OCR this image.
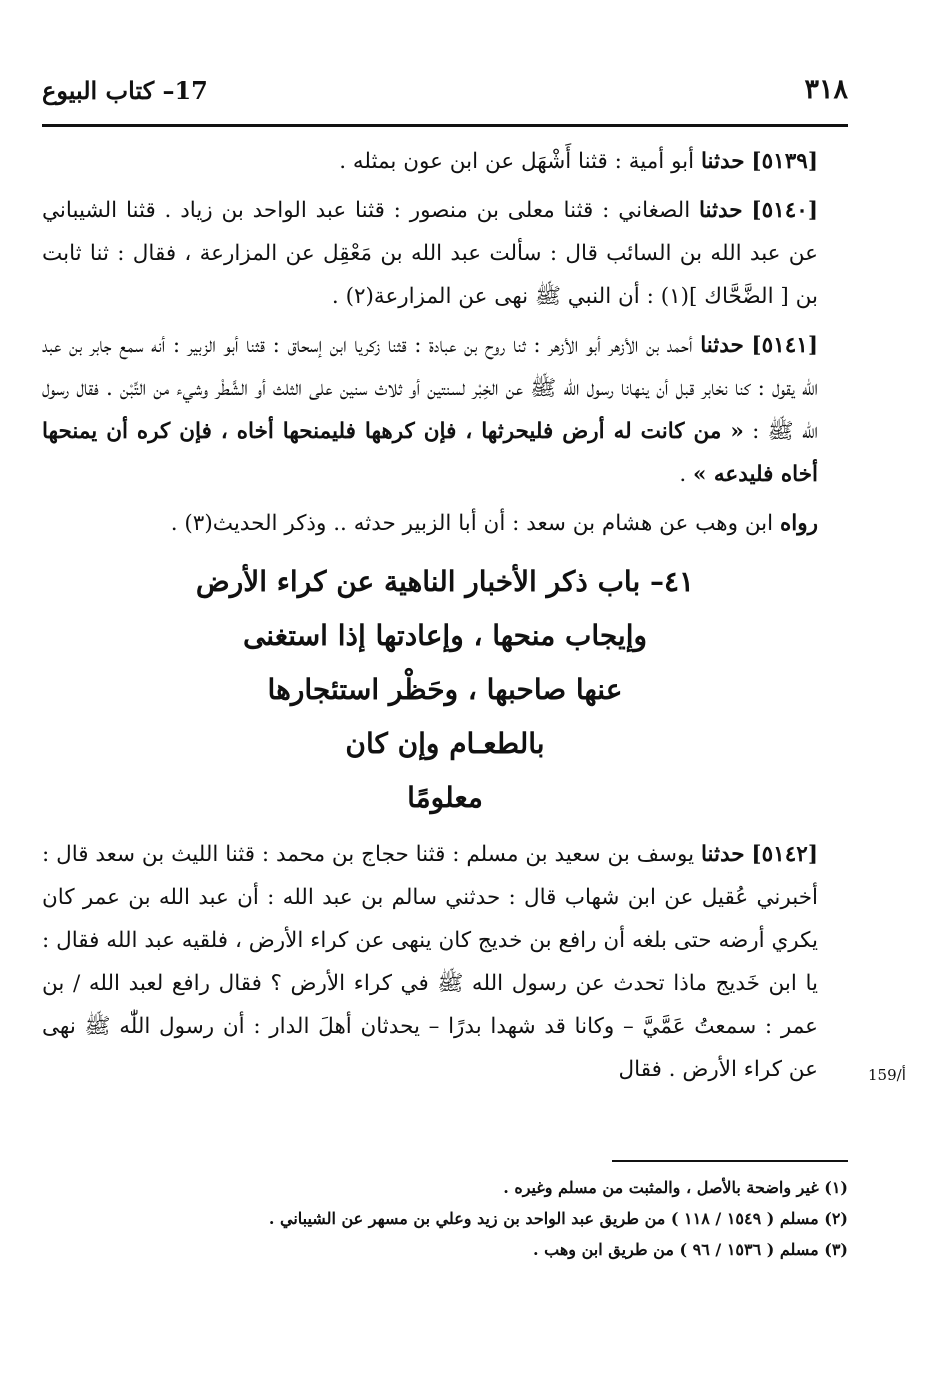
٣١٨
17– كتاب البيوع

[٥١٣٩] حدثنا أبو أمية : قثنا أَشْهَل عن ابن عون بمثله .

[٥١٤٠] حدثنا الصغاني : قثنا معلى بن منصور : قثنا عبد الواحد بن زياد . قثنا الشيباني عن عبد الله بن السائب قال : سألت عبد الله بن مَعْقِل عن المزارعة ، فقال : ثنا ثابت بن [ الضَّحَّاك ](١) : أن النبي ﷺ نهى عن المزارعة(٢) .

[٥١٤١] حدثنا أحمد بن الأزهر أبو الأزهر : ثنا روح بن عبادة : قثنا زكريا ابن إسحاق : قثنا أبو الزبير : أنه سمع جابر بن عبد الله يقول : كنا نخابر قبل أن ينهانا رسول الله ﷺ عن الخِبْر لسنتين أو ثلاث سنين على الثلث أو الشَّطْر وشيء من التِّبْن . فقال رسول الله ﷺ : « من كانت له أرض فليحرثها ، فإن كرهها فليمنحها أخاه ، فإن كره أن يمنحها أخاه فليدعه » .

رواه ابن وهب عن هشام بن سعد : أن أبا الزبير حدثه .. وذكر الحديث(٣) .

٤١– باب ذكر الأخبار الناهية عن كراء الأرض
وإيجاب منحها ، وإعادتها إذا استغنى
عنها صاحبها ، وحَظْر استئجارها
بالطعـام وإن كان
معلومًا

[٥١٤٢] حدثنا يوسف بن سعيد بن مسلم : قثنا حجاج بن محمد : قثنا الليث بن سعد قال : أخبرني عُقيل عن ابن شهاب قال : حدثني سالم بن عبد الله : أن عبد الله بن عمر كان يكري أرضه حتى بلغه أن رافع بن خديج كان ينهى عن كراء الأرض ، فلقيه عبد الله فقال : يا ابن خَديج ماذا تحدث عن رسول الله ﷺ في كراء الأرض ؟ فقال رافع لعبد الله / بن عمر : سمعتُ عَمَّيَّ – وكانا قد شهدا بدرًا – يحدثان أهلَ الدار : أن رسول اللّٰه ﷺ نهى عن كراء الأرض . فقال	159/أ

(١) غير واضحة بالأصل ، والمثبت من مسلم وغيره .

(٢) مسلم ( ١٥٤٩ / ١١٨ ) من طريق عبد الواحد بن زيد وعلي بن مسهر عن الشيباني .

(٣) مسلم ( ١٥٣٦ / ٩٦ ) من طريق ابن وهب .
